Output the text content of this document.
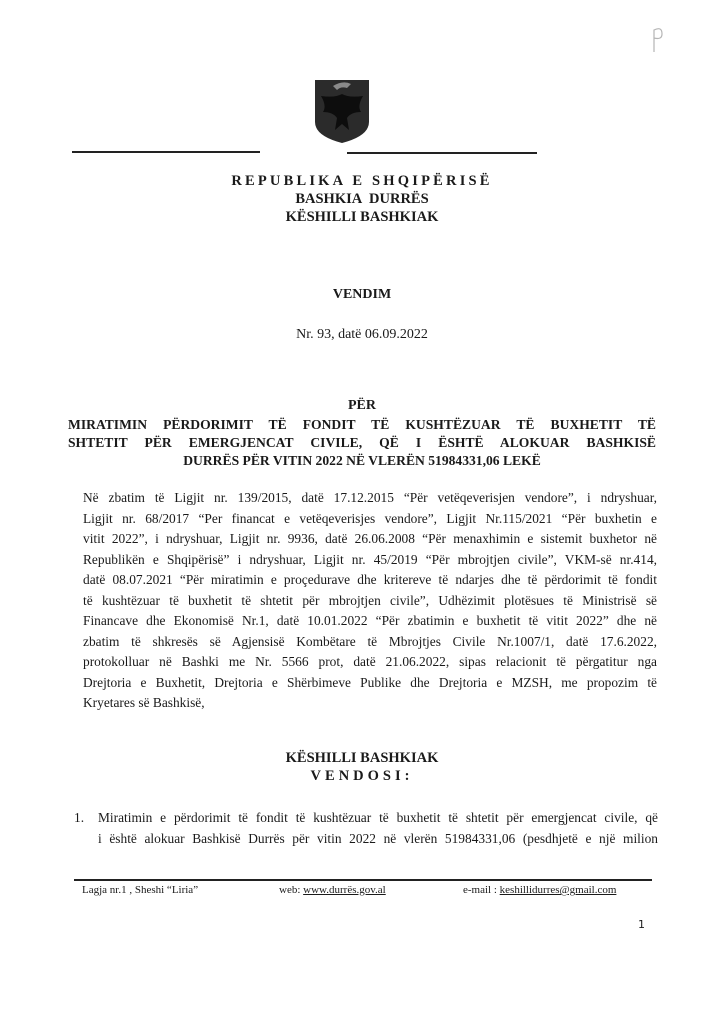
REPUBLIKA E SHQIPËRISË
BASHKIA DURRËS
KËSHILLI BASHKIAK
VENDIM
Nr. 93, datë 06.09.2022
PËR
MIRATIMIN PËRDORIMIT TË FONDIT TË KUSHTËZUAR TË BUXHETIT TË
SHTETIT PËR EMERGJENCAT CIVILE, QË I ËSHTË ALOKUAR BASHKISË
DURRËS PËR VITIN 2022 NË VLERËN 51984331,06 LEKË
Në zbatim të Ligjit nr. 139/2015, datë 17.12.2015 “Për vetëqeverisjen vendore”, i ndryshuar,
Ligjit nr. 68/2017 “Per financat e vetëqeverisjes vendore”, Ligjit Nr.115/2021 “Për buxhetin e
vitit 2022”, i ndryshuar, Ligjit nr. 9936, datë 26.06.2008 “Për menaxhimin e sistemit buxhetor në
Republikën e Shqipërisë” i ndryshuar, Ligjit nr. 45/2019 “Për mbrojtjen civile”, VKM-së nr.414,
datë 08.07.2021 “Për miratimin e proçedurave dhe kritereve të ndarjes dhe të përdorimit të fondit
të kushtëzuar të buxhetit të shtetit për mbrojtjen civile”, Udhëzimit plotësues të Ministrisë së
Financave dhe Ekonomisë Nr.1, datë 10.01.2022 “Për zbatimin e buxhetit të vitit 2022” dhe në
zbatim të shkresës së Agjensisë Kombëtare të Mbrojtjes Civile Nr.1007/1, datë 17.6.2022,
protokolluar në Bashki me Nr. 5566 prot, datë 21.06.2022, sipas relacionit të përgatitur nga
Drejtoria e Buxhetit, Drejtoria e Shërbimeve Publike dhe Drejtoria e MZSH, me propozim të
Kryetares së Bashkisë,
KËSHILLI BASHKIAK
VENDOSI:
1. Miratimin e përdorimit të fondit të kushtëzuar të buxhetit të shtetit për emergjencat civile, që
i është alokuar Bashkisë Durrës për vitin 2022 në vlerën 51984331,06 (pesdhjetë e një milion
Lagja nr.1 , Sheshi “Liria”	web: www.durrës.gov.al	e-mail : keshillidurres@gmail.com
1
